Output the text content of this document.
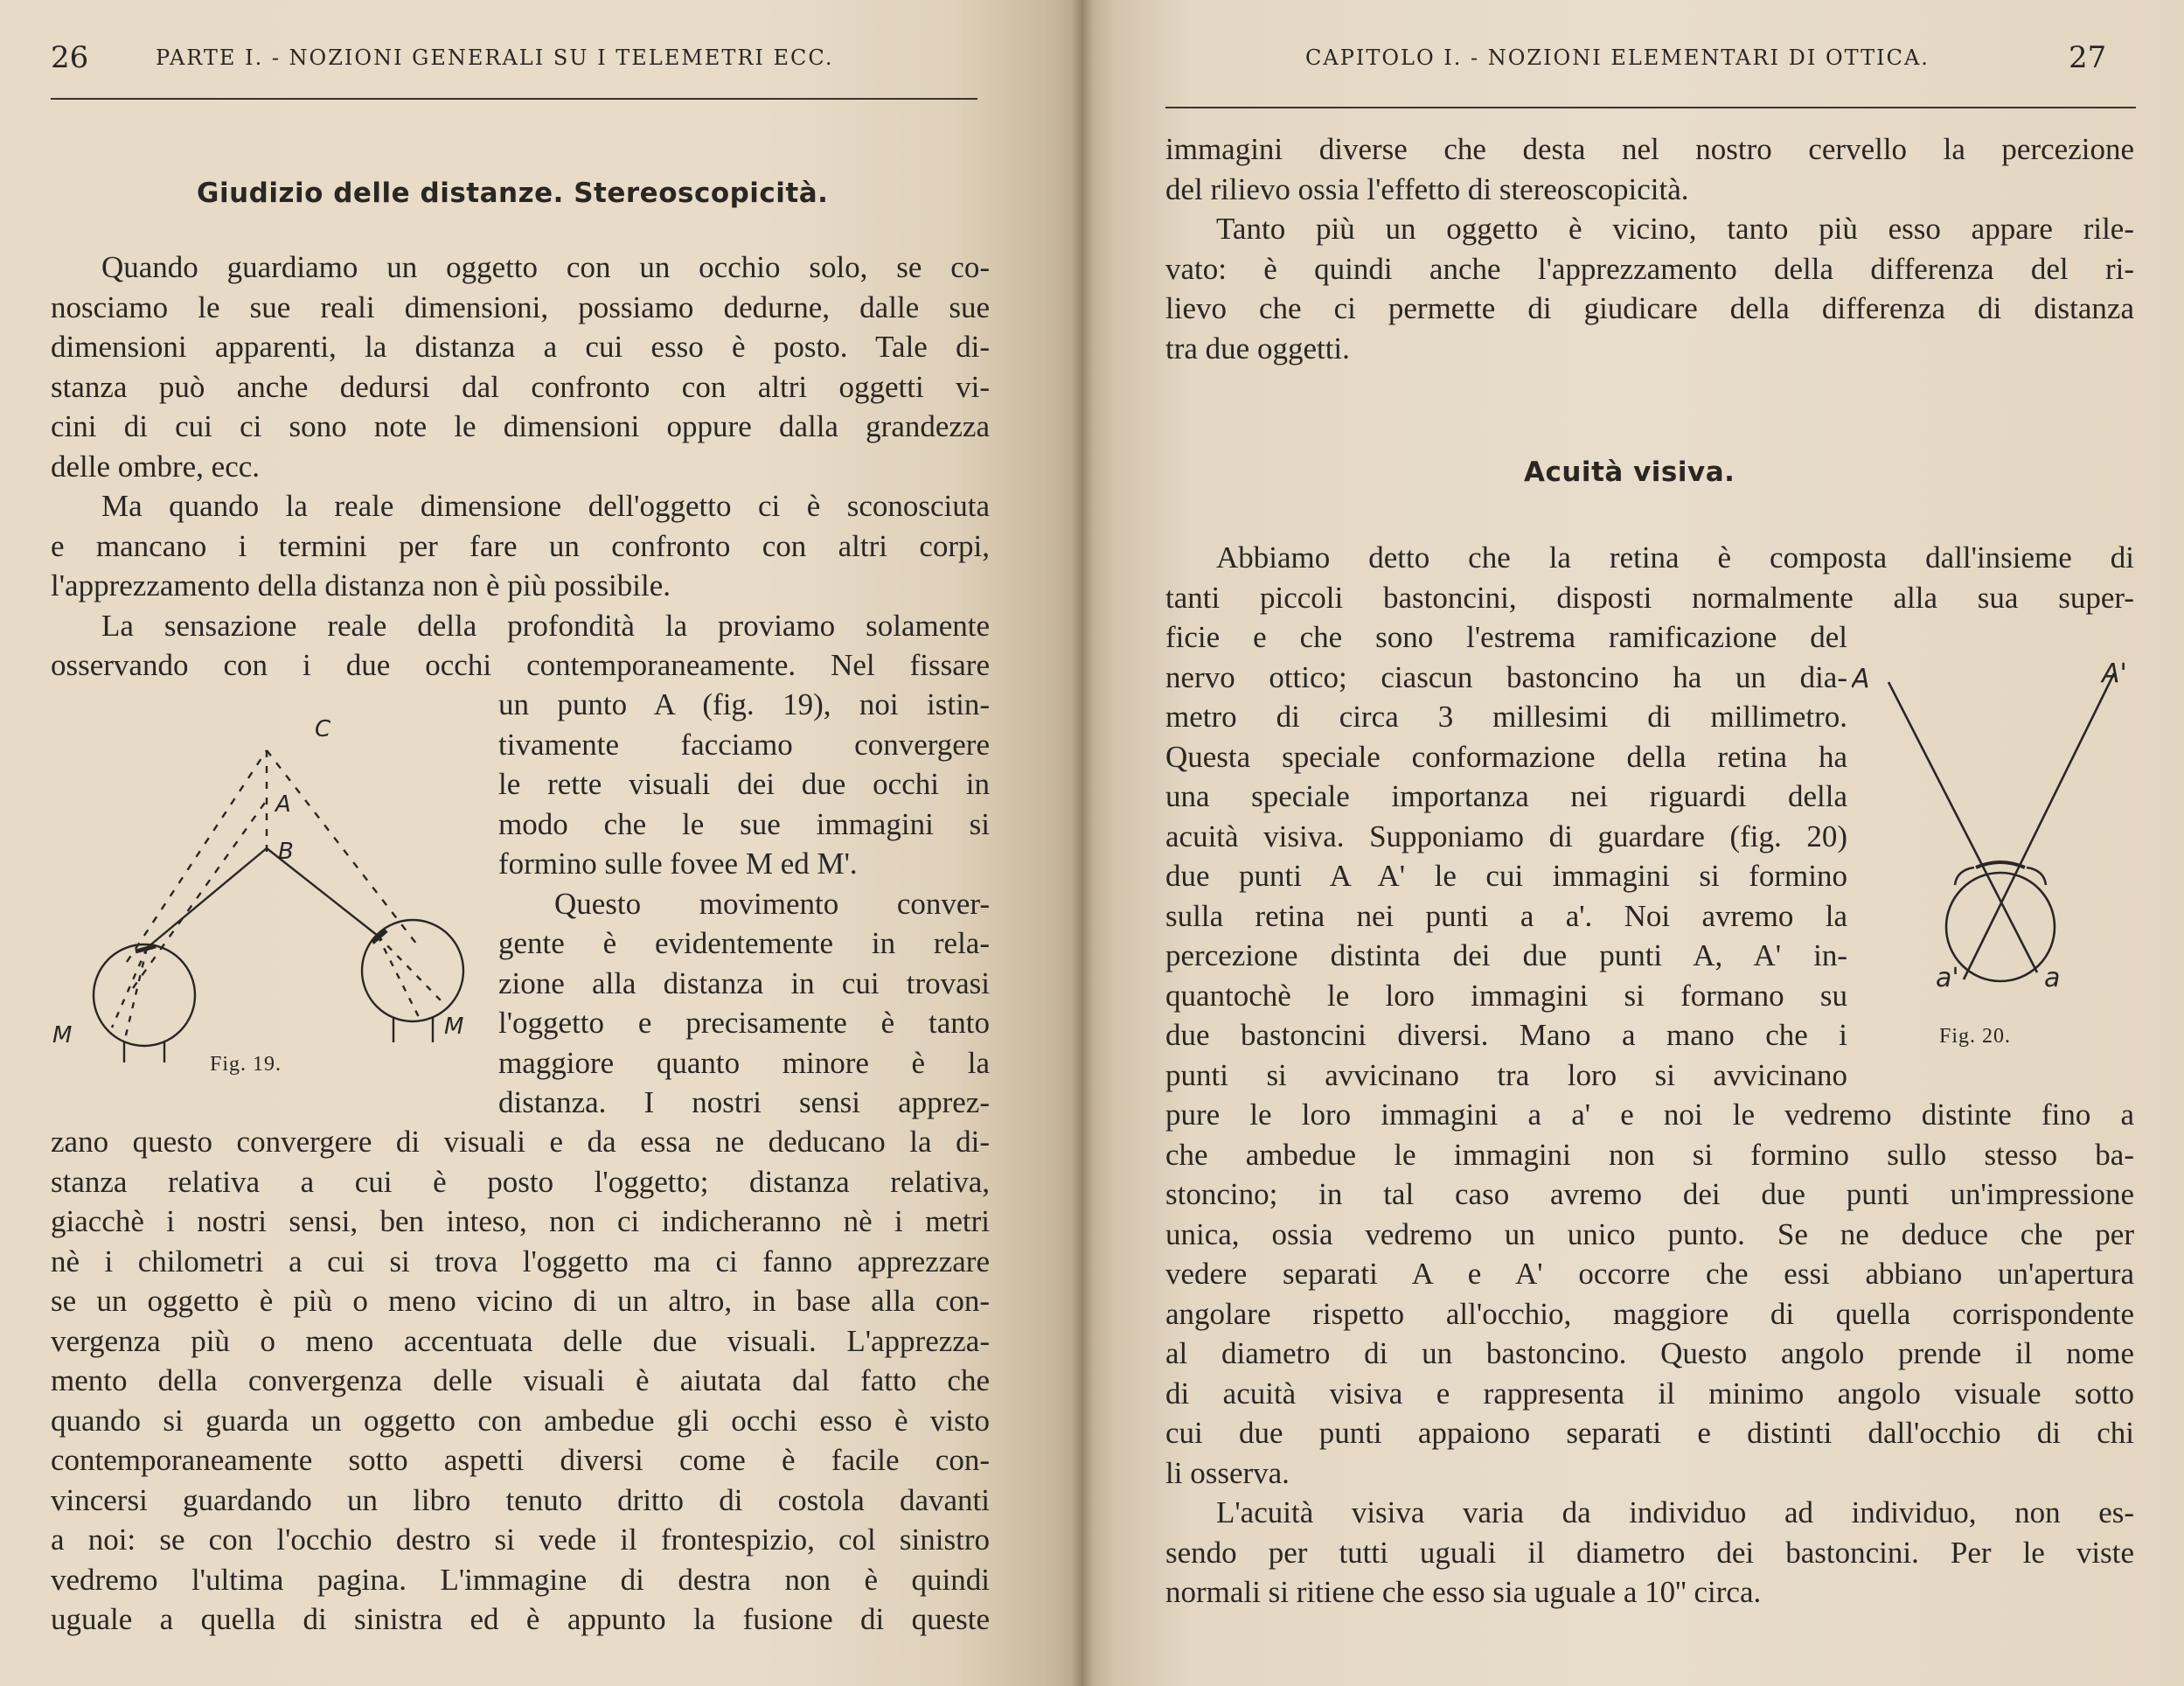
26	PARTE I. - NOZIONI GENERALI SU I TELEMETRI ECC.
Giudizio delle distanze. Stereoscopicità.
Quando guardiamo un oggetto con un occhio solo, se co-
nosciamo le sue reali dimensioni, possiamo dedurne, dalle sue
dimensioni apparenti, la distanza a cui esso è posto. Tale di-
stanza può anche dedursi dal confronto con altri oggetti vi-
cini di cui ci sono note le dimensioni oppure dalla grandezza
delle ombre, ecc.
Ma quando la reale dimensione dell'oggetto ci è sconosciuta
e mancano i termini per fare un confronto con altri corpi,
l'apprezzamento della distanza non è più possibile.
La sensazione reale della profondità la proviamo solamente
osservando con i due occhi contemporaneamente. Nel fissare
un punto A (fig. 19), noi istin-
tivamente facciamo convergere
le rette visuali dei due occhi in
modo che le sue immagini si
formino sulle fovee M ed M'.
Questo movimento conver-
gente è evidentemente in rela-
zione alla distanza in cui trovasi
l'oggetto e precisamente è tanto
maggiore quanto minore è la
distanza. I nostri sensi apprez-
zano questo convergere di visuali e da essa ne deducano la di-
stanza relativa a cui è posto l'oggetto; distanza relativa,
giacchè i nostri sensi, ben inteso, non ci indicheranno nè i metri
nè i chilometri a cui si trova l'oggetto ma ci fanno apprezzare
se un oggetto è più o meno vicino di un altro, in base alla con-
vergenza più o meno accentuata delle due visuali. L'apprezza-
mento della convergenza delle visuali è aiutata dal fatto che
quando si guarda un oggetto con ambedue gli occhi esso è visto
contemporaneamente sotto aspetti diversi come è facile con-
vincersi guardando un libro tenuto dritto di costola davanti
a noi: se con l'occhio destro si vede il frontespizio, col sinistro
vedremo l'ultima pagina. L'immagine di destra non è quindi
uguale a quella di sinistra ed è appunto la fusione di queste
C
A
B
M	M
Fig. 19.
CAPITOLO I. - NOZIONI ELEMENTARI DI OTTICA.	27
immagini diverse che desta nel nostro cervello la percezione
del rilievo ossia l'effetto di stereoscopicità.
Tanto più un oggetto è vicino, tanto più esso appare rile-
vato: è quindi anche l'apprezzamento della differenza del ri-
lievo che ci permette di giudicare della differenza di distanza
tra due oggetti.
Acuità visiva.
Abbiamo detto che la retina è composta dall'insieme di
tanti piccoli bastoncini, disposti normalmente alla sua super-
ficie e che sono l'estrema ramificazione del
nervo ottico; ciascun bastoncino ha un dia-
metro di circa 3 millesimi di millimetro.
Questa speciale conformazione della retina ha
una speciale importanza nei riguardi della
acuità visiva. Supponiamo di guardare (fig. 20)
due punti A A' le cui immagini si formino
sulla retina nei punti a a'. Noi avremo la
percezione distinta dei due punti A, A' in-
quantochè le loro immagini si formano su
due bastoncini diversi. Mano a mano che i
punti si avvicinano tra loro si avvicinano
pure le loro immagini a a' e noi le vedremo distinte fino a
che ambedue le immagini non si formino sullo stesso ba-
stoncino; in tal caso avremo dei due punti un'impressione
unica, ossia vedremo un unico punto. Se ne deduce che per
vedere separati A e A' occorre che essi abbiano un'apertura
angolare rispetto all'occhio, maggiore di quella corrispondente
al diametro di un bastoncino. Questo angolo prende il nome
di acuità visiva e rappresenta il minimo angolo visuale sotto
cui due punti appaiono separati e distinti dall'occhio di chi
li osserva.
L'acuità visiva varia da individuo ad individuo, non es-
sendo per tutti uguali il diametro dei bastoncini. Per le viste
normali si ritiene che esso sia uguale a 10'' circa.
A	A'
a
a'
Fig. 20.
